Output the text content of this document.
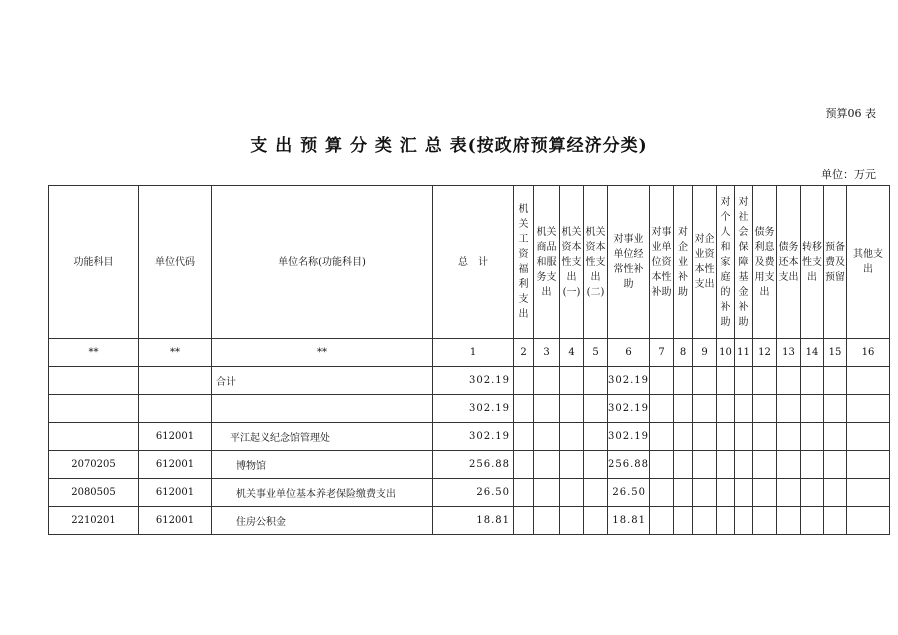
预算06 表
支 出 预 算 分 类 汇 总 表(按政府预算经济分类)
单位：万元
功能科目	单位代码	单位名称(功能科目)	总　计	机关工资福利支出	机关商品和服务支出	机关资本性支出(一)	机关资本性支出(二)	对事业单位经常性补助	对事业单位资本性补助	对企业补助	对企业资本性支出	对个人和家庭的补助	对社会保障基金补助	债务利息及费用支出	债务还本支出	转移性支出	预备费及预留	其他支出
**	**	**	1	2	3	4	5	6	7	8	9	10	11	12	13	14	15	16
		合计	302.19					302.19										
			302.19					302.19										
	612001	平江起义纪念馆管理处	302.19					302.19										
2070205	612001	博物馆	256.88					256.88										
2080505	612001	机关事业单位基本养老保险缴费支出	26.50					26.50										
2210201	612001	住房公积金	18.81					18.81										
